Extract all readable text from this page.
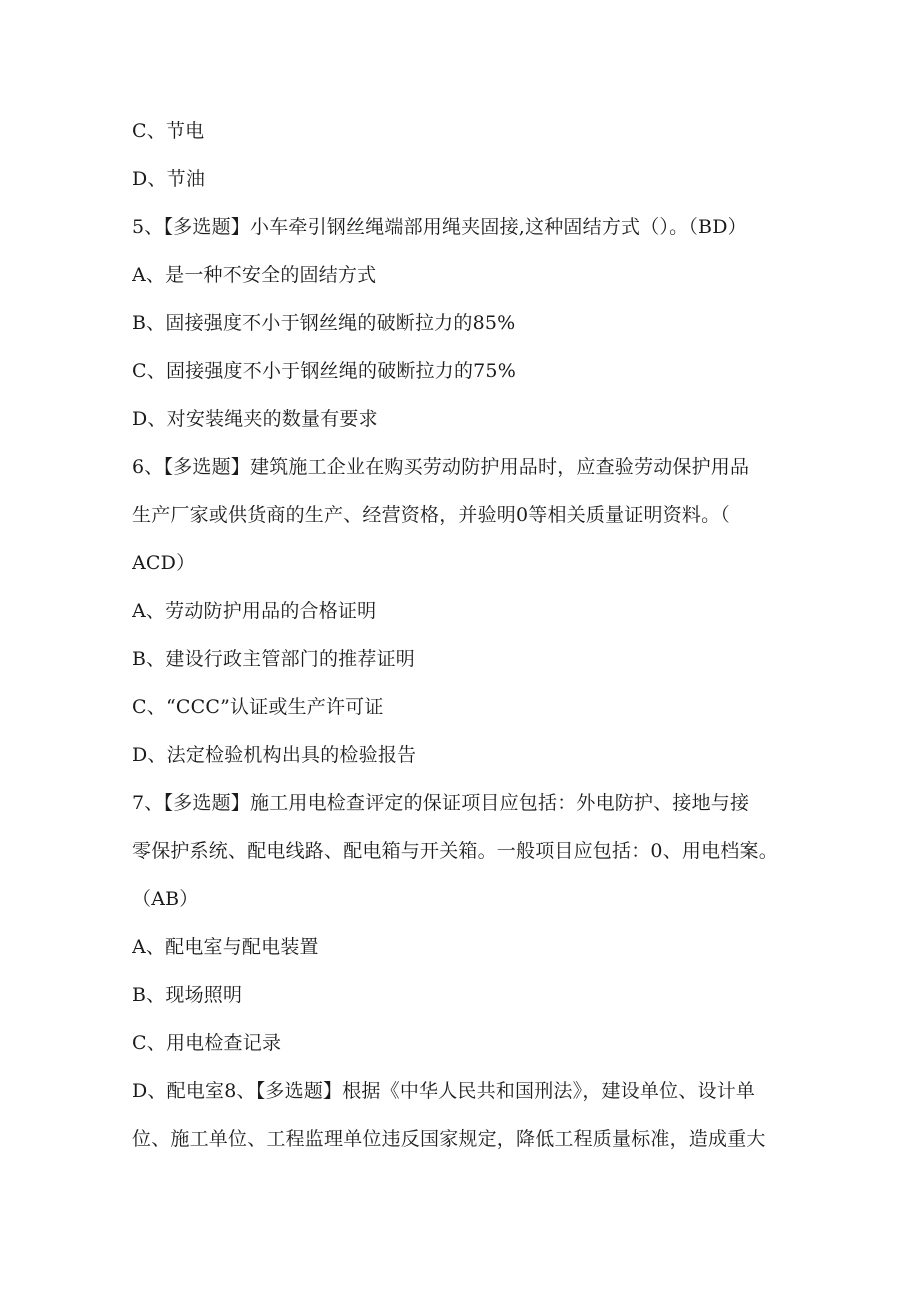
C、节电
D、节油
5、【多选题】小车牵引钢丝绳端部用绳夹固接,这种固结方式（）。（BD）
A、是一种不安全的固结方式
B、固接强度不小于钢丝绳的破断拉力的85%
C、固接强度不小于钢丝绳的破断拉力的75%
D、对安装绳夹的数量有要求
6、【多选题】建筑施工企业在购买劳动防护用品时，应查验劳动保护用品
生产厂家或供货商的生产、经营资格，并验明0等相关质量证明资料。（
ACD）
A、劳动防护用品的合格证明
B、建设行政主管部门的推荐证明
C、“CCC”认证或生产许可证
D、法定检验机构出具的检验报告
7、【多选题】施工用电检查评定的保证项目应包括：外电防护、接地与接
零保护系统、配电线路、配电箱与开关箱。一般项目应包括：0、用电档案。
（AB）
A、配电室与配电装置
B、现场照明
C、用电检查记录
D、配电室8、【多选题】根据《中华人民共和国刑法》，建设单位、设计单
位、施工单位、工程监理单位违反国家规定，降低工程质量标准，造成重大
